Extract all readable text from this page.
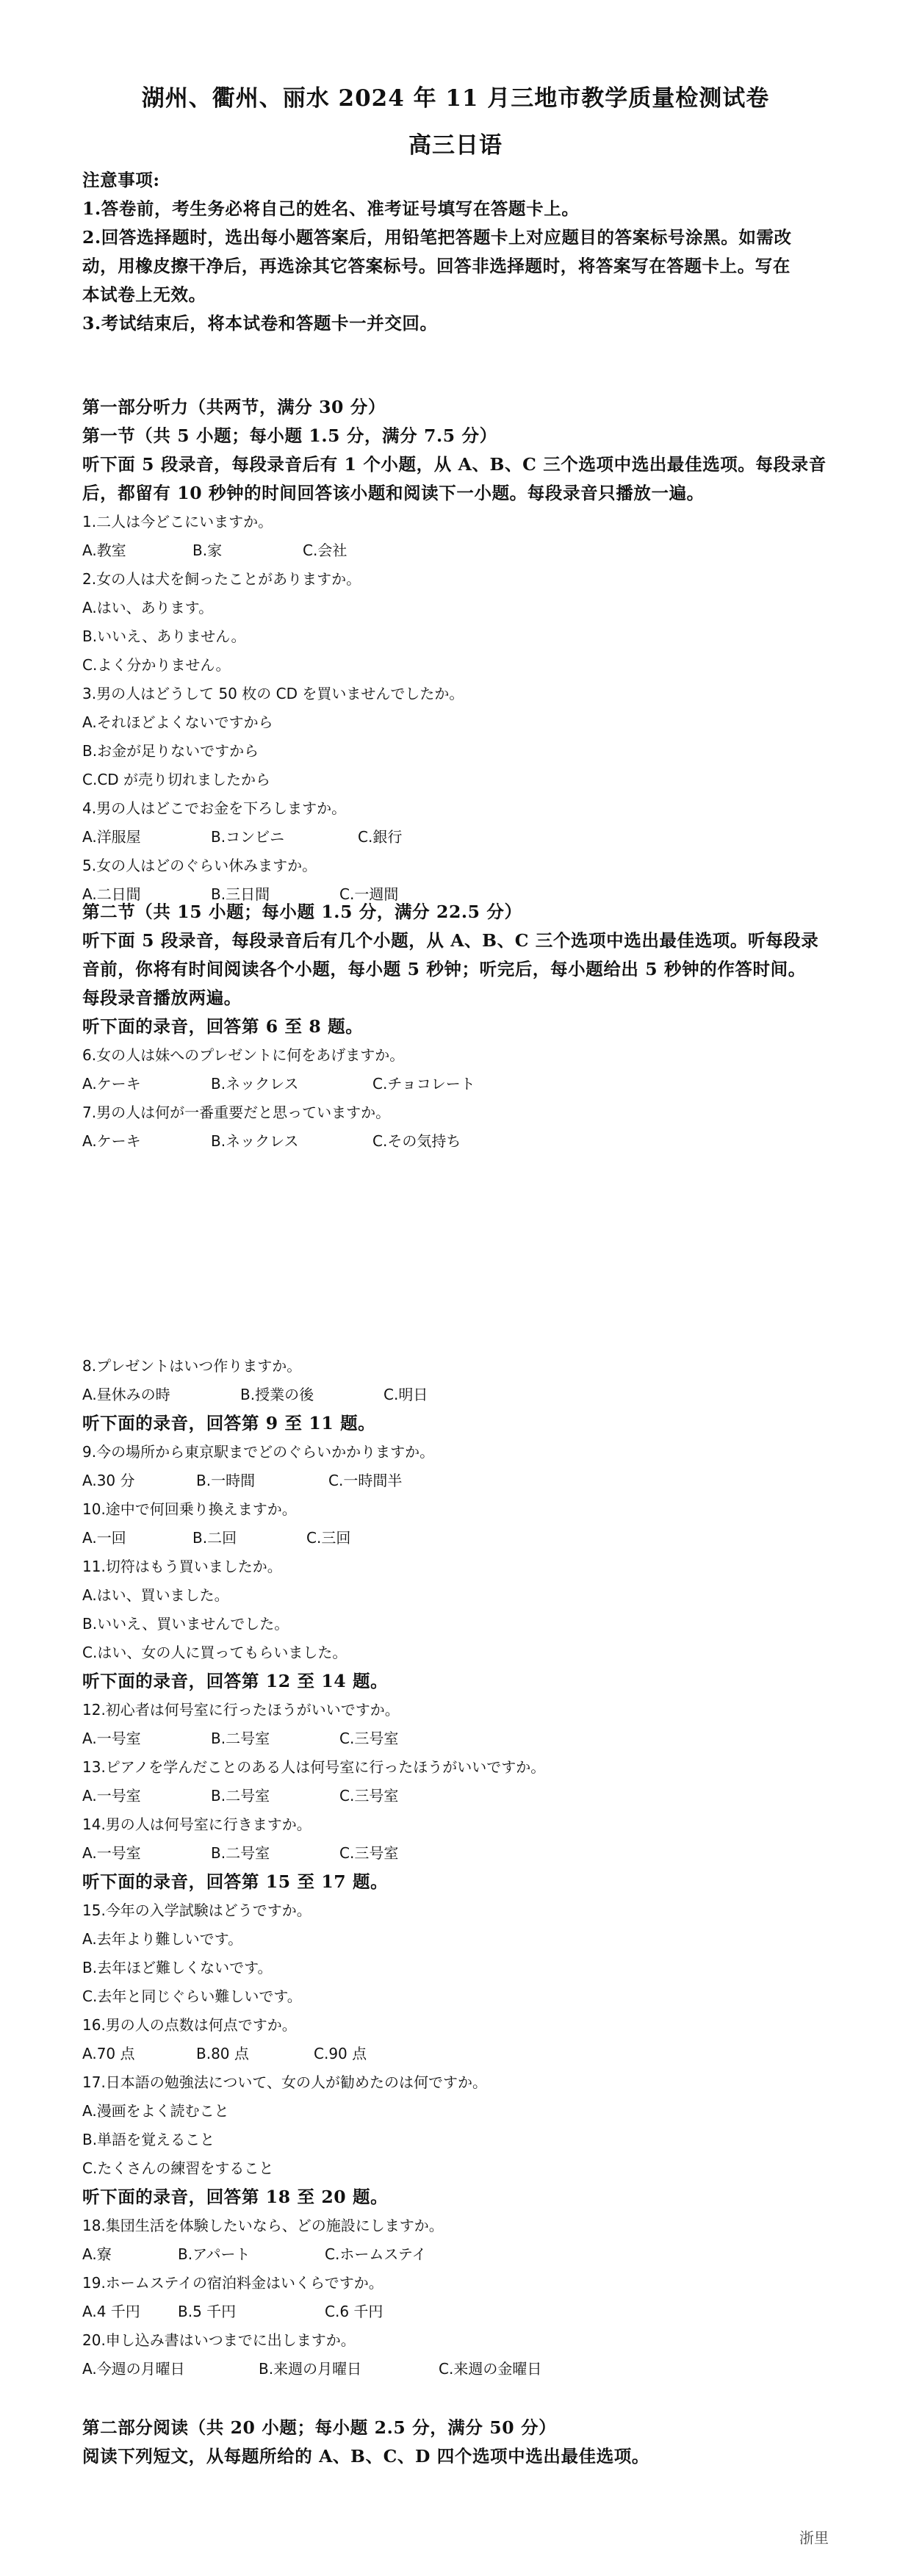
湖州、衢州、丽水 2024 年 11 月三地市教学质量检测试卷
高三日语
注意事项:
1.答卷前，考生务必将自己的姓名、准考证号填写在答题卡上。
2.回答选择题时，选出每小题答案后，用铅笔把答题卡上对应题目的答案标号涂黑。如需改
动，用橡皮擦干净后，再选涂其它答案标号。回答非选择题时，将答案写在答题卡上。写在
本试卷上无效。
3.考试结束后，将本试卷和答题卡一并交回。
第一部分听力（共两节，满分 30 分）
第一节（共 5 小题；每小题 1.5 分，满分 7.5 分）
听下面 5 段录音，每段录音后有 1 个小题，从 A、B、C 三个选项中选出最佳选项。每段录音
后，都留有 10 秒钟的时间回答该小题和阅读下一小题。每段录音只播放一遍。
1.二人は今どこにいますか。
A.教室	B.家	C.会社
2.女の人は犬を飼ったことがありますか。
A.はい、あります。
B.いいえ、ありません。
C.よく分かりません。
3.男の人はどうして 50 枚の CD を買いませんでしたか。
A.それほどよくないですから
B.お金が足りないですから
C.CD が売り切れましたから
4.男の人はどこでお金を下ろしますか。
A.洋服屋	B.コンビニ	C.銀行
5.女の人はどのぐらい休みますか。
A.二日間	B.三日間	C.一週間
第二节（共 15 小题；每小题 1.5 分，满分 22.5 分）
听下面 5 段录音，每段录音后有几个小题，从 A、B、C 三个选项中选出最佳选项。听每段录
音前，你将有时间阅读各个小题，每小题 5 秒钟；听完后，每小题给出 5 秒钟的作答时间。
每段录音播放两遍。
听下面的录音，回答第 6 至 8 题。
6.女の人は妹へのプレゼントに何をあげますか。
A.ケーキ	B.ネックレス	C.チョコレート
7.男の人は何が一番重要だと思っていますか。
A.ケーキ	B.ネックレス	C.その気持ち
8.プレゼントはいつ作りますか。
A.昼休みの時	B.授業の後	C.明日
听下面的录音，回答第 9 至 11 题。
9.今の場所から東京駅までどのぐらいかかりますか。
A.30 分	B.一時間	C.一時間半
10.途中で何回乗り換えますか。
A.一回	B.二回	C.三回
11.切符はもう買いましたか。
A.はい、買いました。
B.いいえ、買いませんでした。
C.はい、女の人に買ってもらいました。
听下面的录音，回答第 12 至 14 题。
12.初心者は何号室に行ったほうがいいですか。
A.一号室	B.二号室	C.三号室
13.ピアノを学んだことのある人は何号室に行ったほうがいいですか。
A.一号室	B.二号室	C.三号室
14.男の人は何号室に行きますか。
A.一号室	B.二号室	C.三号室
听下面的录音，回答第 15 至 17 题。
15.今年の入学試験はどうですか。
A.去年より難しいです。
B.去年ほど難しくないです。
C.去年と同じぐらい難しいです。
16.男の人の点数は何点ですか。
A.70 点	B.80 点	C.90 点
17.日本語の勉強法について、女の人が勧めたのは何ですか。
A.漫画をよく読むこと
B.単語を覚えること
C.たくさんの練習をすること
听下面的录音，回答第 18 至 20 题。
18.集団生活を体験したいなら、どの施設にしますか。
A.寮	B.アパート	C.ホームステイ
19.ホームステイの宿泊料金はいくらですか。
A.4 千円	B.5 千円	C.6 千円
20.申し込み書はいつまでに出しますか。
A.今週の月曜日	B.来週の月曜日	C.来週の金曜日
第二部分阅读（共 20 小题；每小题 2.5 分，满分 50 分）
阅读下列短文，从每题所给的 A、B、C、D 四个选项中选出最佳选项。
浙里
